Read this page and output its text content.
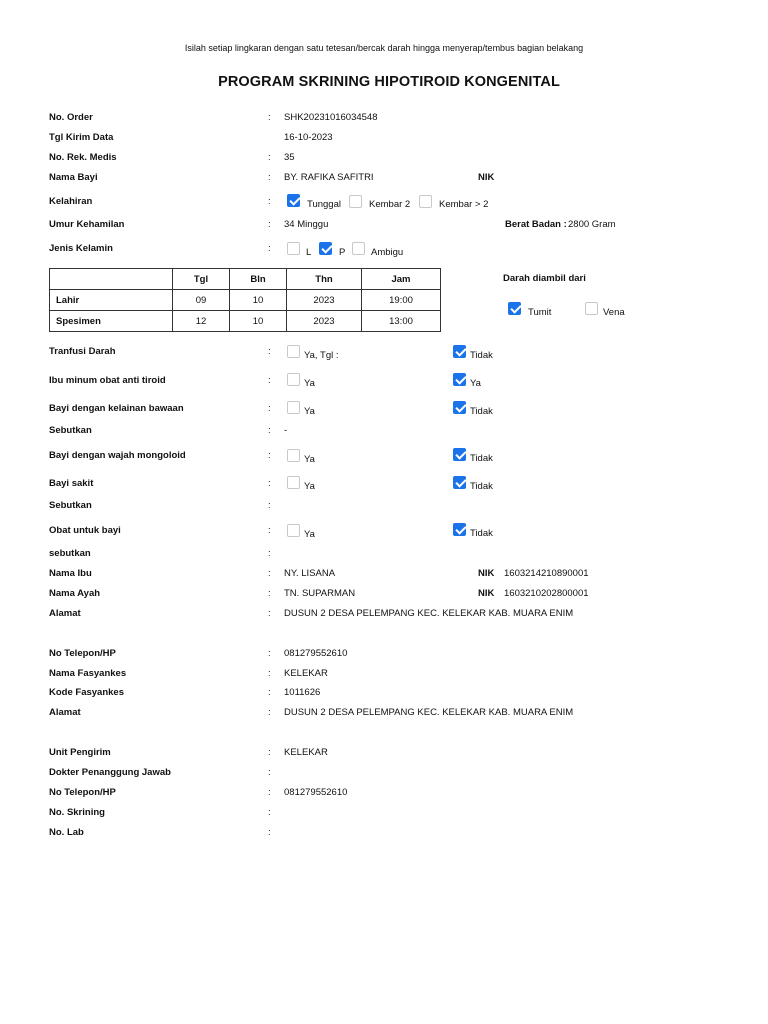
Isilah setiap lingkaran dengan satu tetesan/bercak darah hingga menyerap/tembus bagian belakang
PROGRAM SKRINING HIPOTIROID KONGENITAL
No. Order	: SHK20231016034548
Tgl Kirim Data	16-10-2023
No. Rek. Medis	: 35
Nama Bayi	: BY. RAFIKA SAFITRI	NIK
Kelahiran	:	Tunggal	Kembar 2	Kembar > 2
Umur Kehamilan	: 34 Minggu	Berat Badan : 2800 Gram
Jenis Kelamin	:	L	P	Ambigu
	Tgl	Bln	Thn	Jam
Lahir	09	10	2023	19:00
Spesimen	12	10	2023	13:00
Darah diambil dari
Tumit	Vena
Tranfusi Darah	:	Ya, Tgl :	Tidak
Ibu minum obat anti tiroid	:	Ya	Ya
Bayi dengan kelainan bawaan	:	Ya	Tidak
Sebutkan	: -
Bayi dengan wajah mongoloid	:	Ya	Tidak
Bayi sakit	:	Ya	Tidak
Sebutkan	:
Obat untuk bayi	:	Ya	Tidak
sebutkan	:
Nama Ibu	: NY. LISANA	NIK 1603214210890001
Nama Ayah	: TN. SUPARMAN	NIK 1603210202800001
Alamat	: DUSUN 2 DESA PELEMPANG KEC. KELEKAR KAB. MUARA ENIM
No Telepon/HP	: 081279552610
Nama Fasyankes	: KELEKAR
Kode Fasyankes	: 1011626
Alamat	: DUSUN 2 DESA PELEMPANG KEC. KELEKAR KAB. MUARA ENIM
Unit Pengirim	: KELEKAR
Dokter Penanggung Jawab	:
No Telepon/HP	: 081279552610
No. Skrining	:
No. Lab	:
